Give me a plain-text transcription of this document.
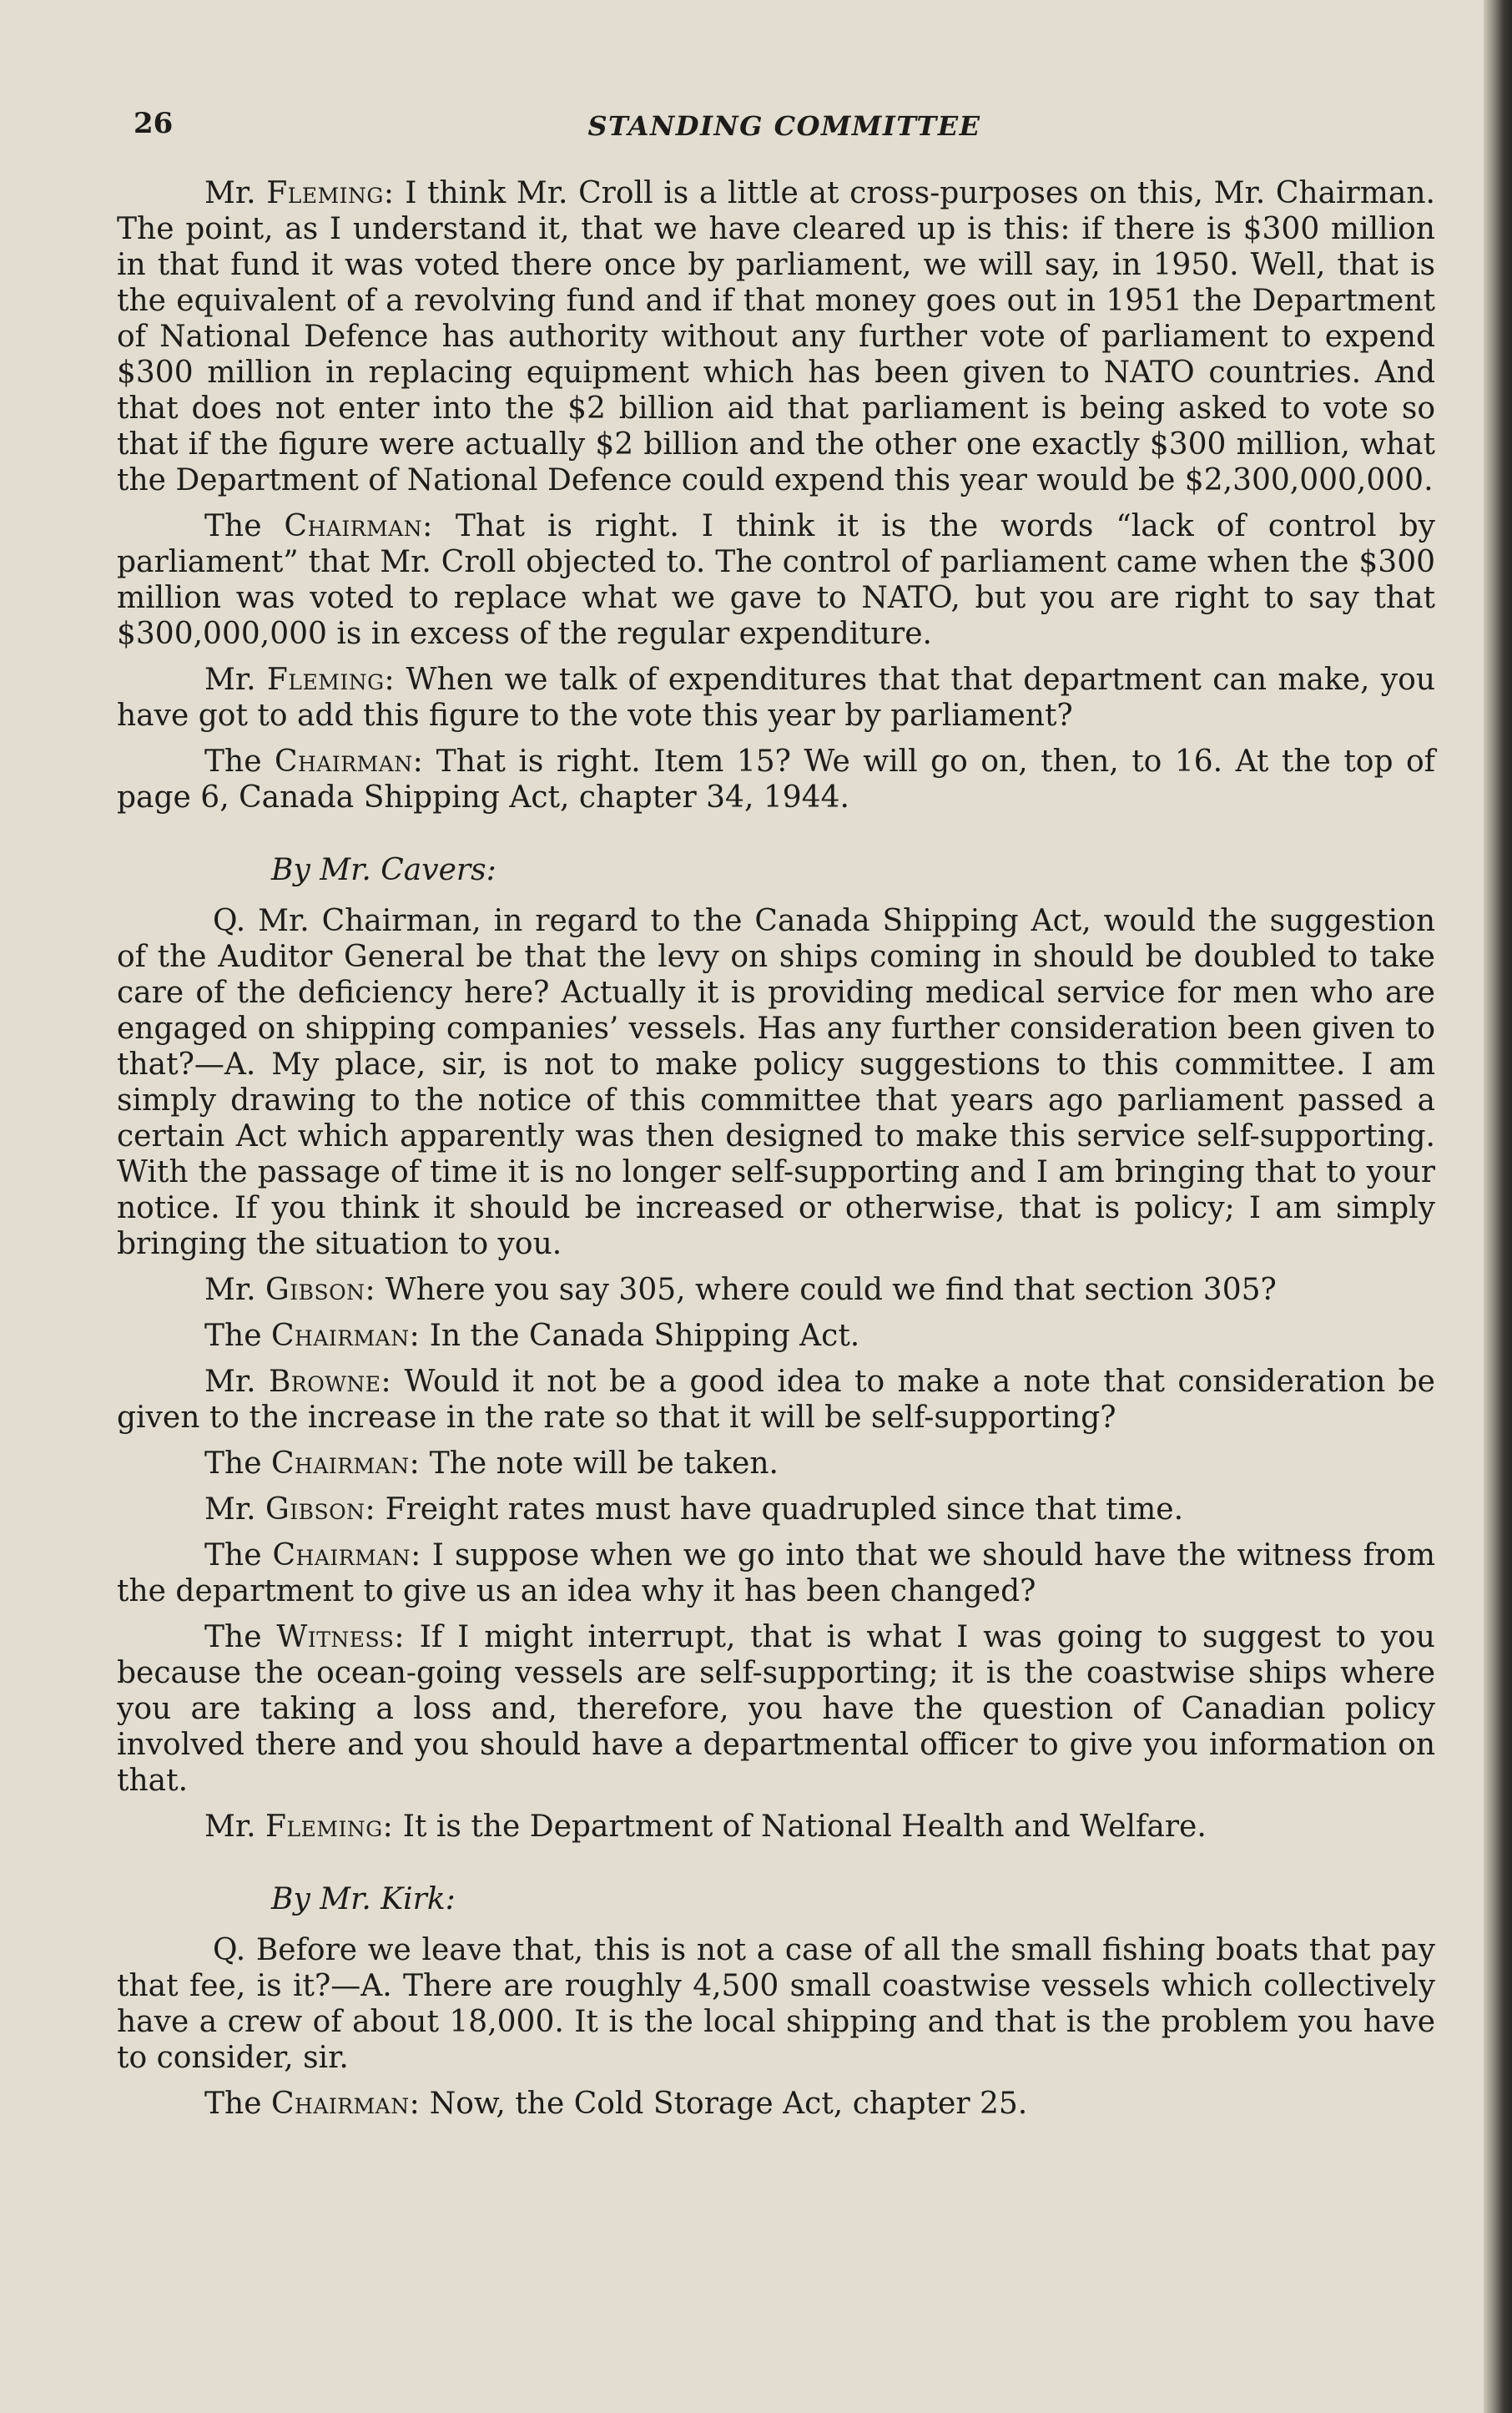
26	STANDING COMMITTEE

Mr. Fleming: I think Mr. Croll is a little at cross-purposes on this, Mr. Chairman. The point, as I understand it, that we have cleared up is this: if there is $300 million in that fund it was voted there once by parliament, we will say, in 1950. Well, that is the equivalent of a revolving fund and if that money goes out in 1951 the Department of National Defence has authority without any further vote of parliament to expend $300 million in replacing equipment which has been given to NATO countries. And that does not enter into the $2 billion aid that parliament is being asked to vote so that if the figure were actually $2 billion and the other one exactly $300 million, what the Department of National Defence could expend this year would be $2,300,000,000.

The Chairman: That is right. I think it is the words “lack of control by parliament” that Mr. Croll objected to. The control of parliament came when the $300 million was voted to replace what we gave to NATO, but you are right to say that $300,000,000 is in excess of the regular expenditure.

Mr. Fleming: When we talk of expenditures that that department can make, you have got to add this figure to the vote this year by parliament?

The Chairman: That is right. Item 15? We will go on, then, to 16. At the top of page 6, Canada Shipping Act, chapter 34, 1944.

By Mr. Cavers:

Q. Mr. Chairman, in regard to the Canada Shipping Act, would the suggestion of the Auditor General be that the levy on ships coming in should be doubled to take care of the deficiency here? Actually it is providing medical service for men who are engaged on shipping companies’ vessels. Has any further consideration been given to that?—A. My place, sir, is not to make policy suggestions to this committee. I am simply drawing to the notice of this committee that years ago parliament passed a certain Act which apparently was then designed to make this service self-supporting. With the passage of time it is no longer self-supporting and I am bringing that to your notice. If you think it should be increased or otherwise, that is policy; I am simply bringing the situation to you.

Mr. Gibson: Where you say 305, where could we find that section 305?

The Chairman: In the Canada Shipping Act.

Mr. Browne: Would it not be a good idea to make a note that consideration be given to the increase in the rate so that it will be self-supporting?

The Chairman: The note will be taken.

Mr. Gibson: Freight rates must have quadrupled since that time.

The Chairman: I suppose when we go into that we should have the witness from the department to give us an idea why it has been changed?

The Witness: If I might interrupt, that is what I was going to suggest to you because the ocean-going vessels are self-supporting; it is the coastwise ships where you are taking a loss and, therefore, you have the question of Canadian policy involved there and you should have a departmental officer to give you information on that.

Mr. Fleming: It is the Department of National Health and Welfare.

By Mr. Kirk:

Q. Before we leave that, this is not a case of all the small fishing boats that pay that fee, is it?—A. There are roughly 4,500 small coastwise vessels which collectively have a crew of about 18,000. It is the local shipping and that is the problem you have to consider, sir.

The Chairman: Now, the Cold Storage Act, chapter 25.
